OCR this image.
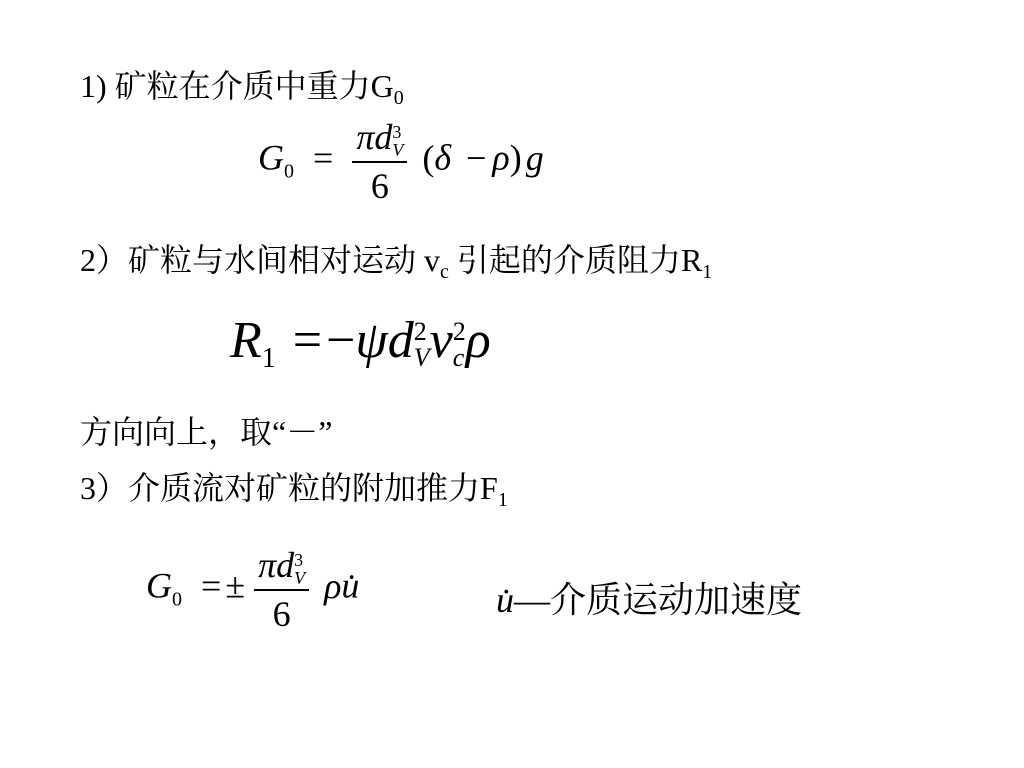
1) 矿粒在介质中重力$G_0$
$G_0 = \pi d$ 3
V
6 (δ − ρ) g
2）矿粒与水间相对运动 $v_c$ 引起的介质阻力$R_1$
R1 =−ψd 2
V v 2
c ρ
方向向上，取“－”
3）介质流对矿粒的附加推力$F_1$
$G_0$ = ± πd 3
V
6 ρu̇	u̇—介质运动加速度
